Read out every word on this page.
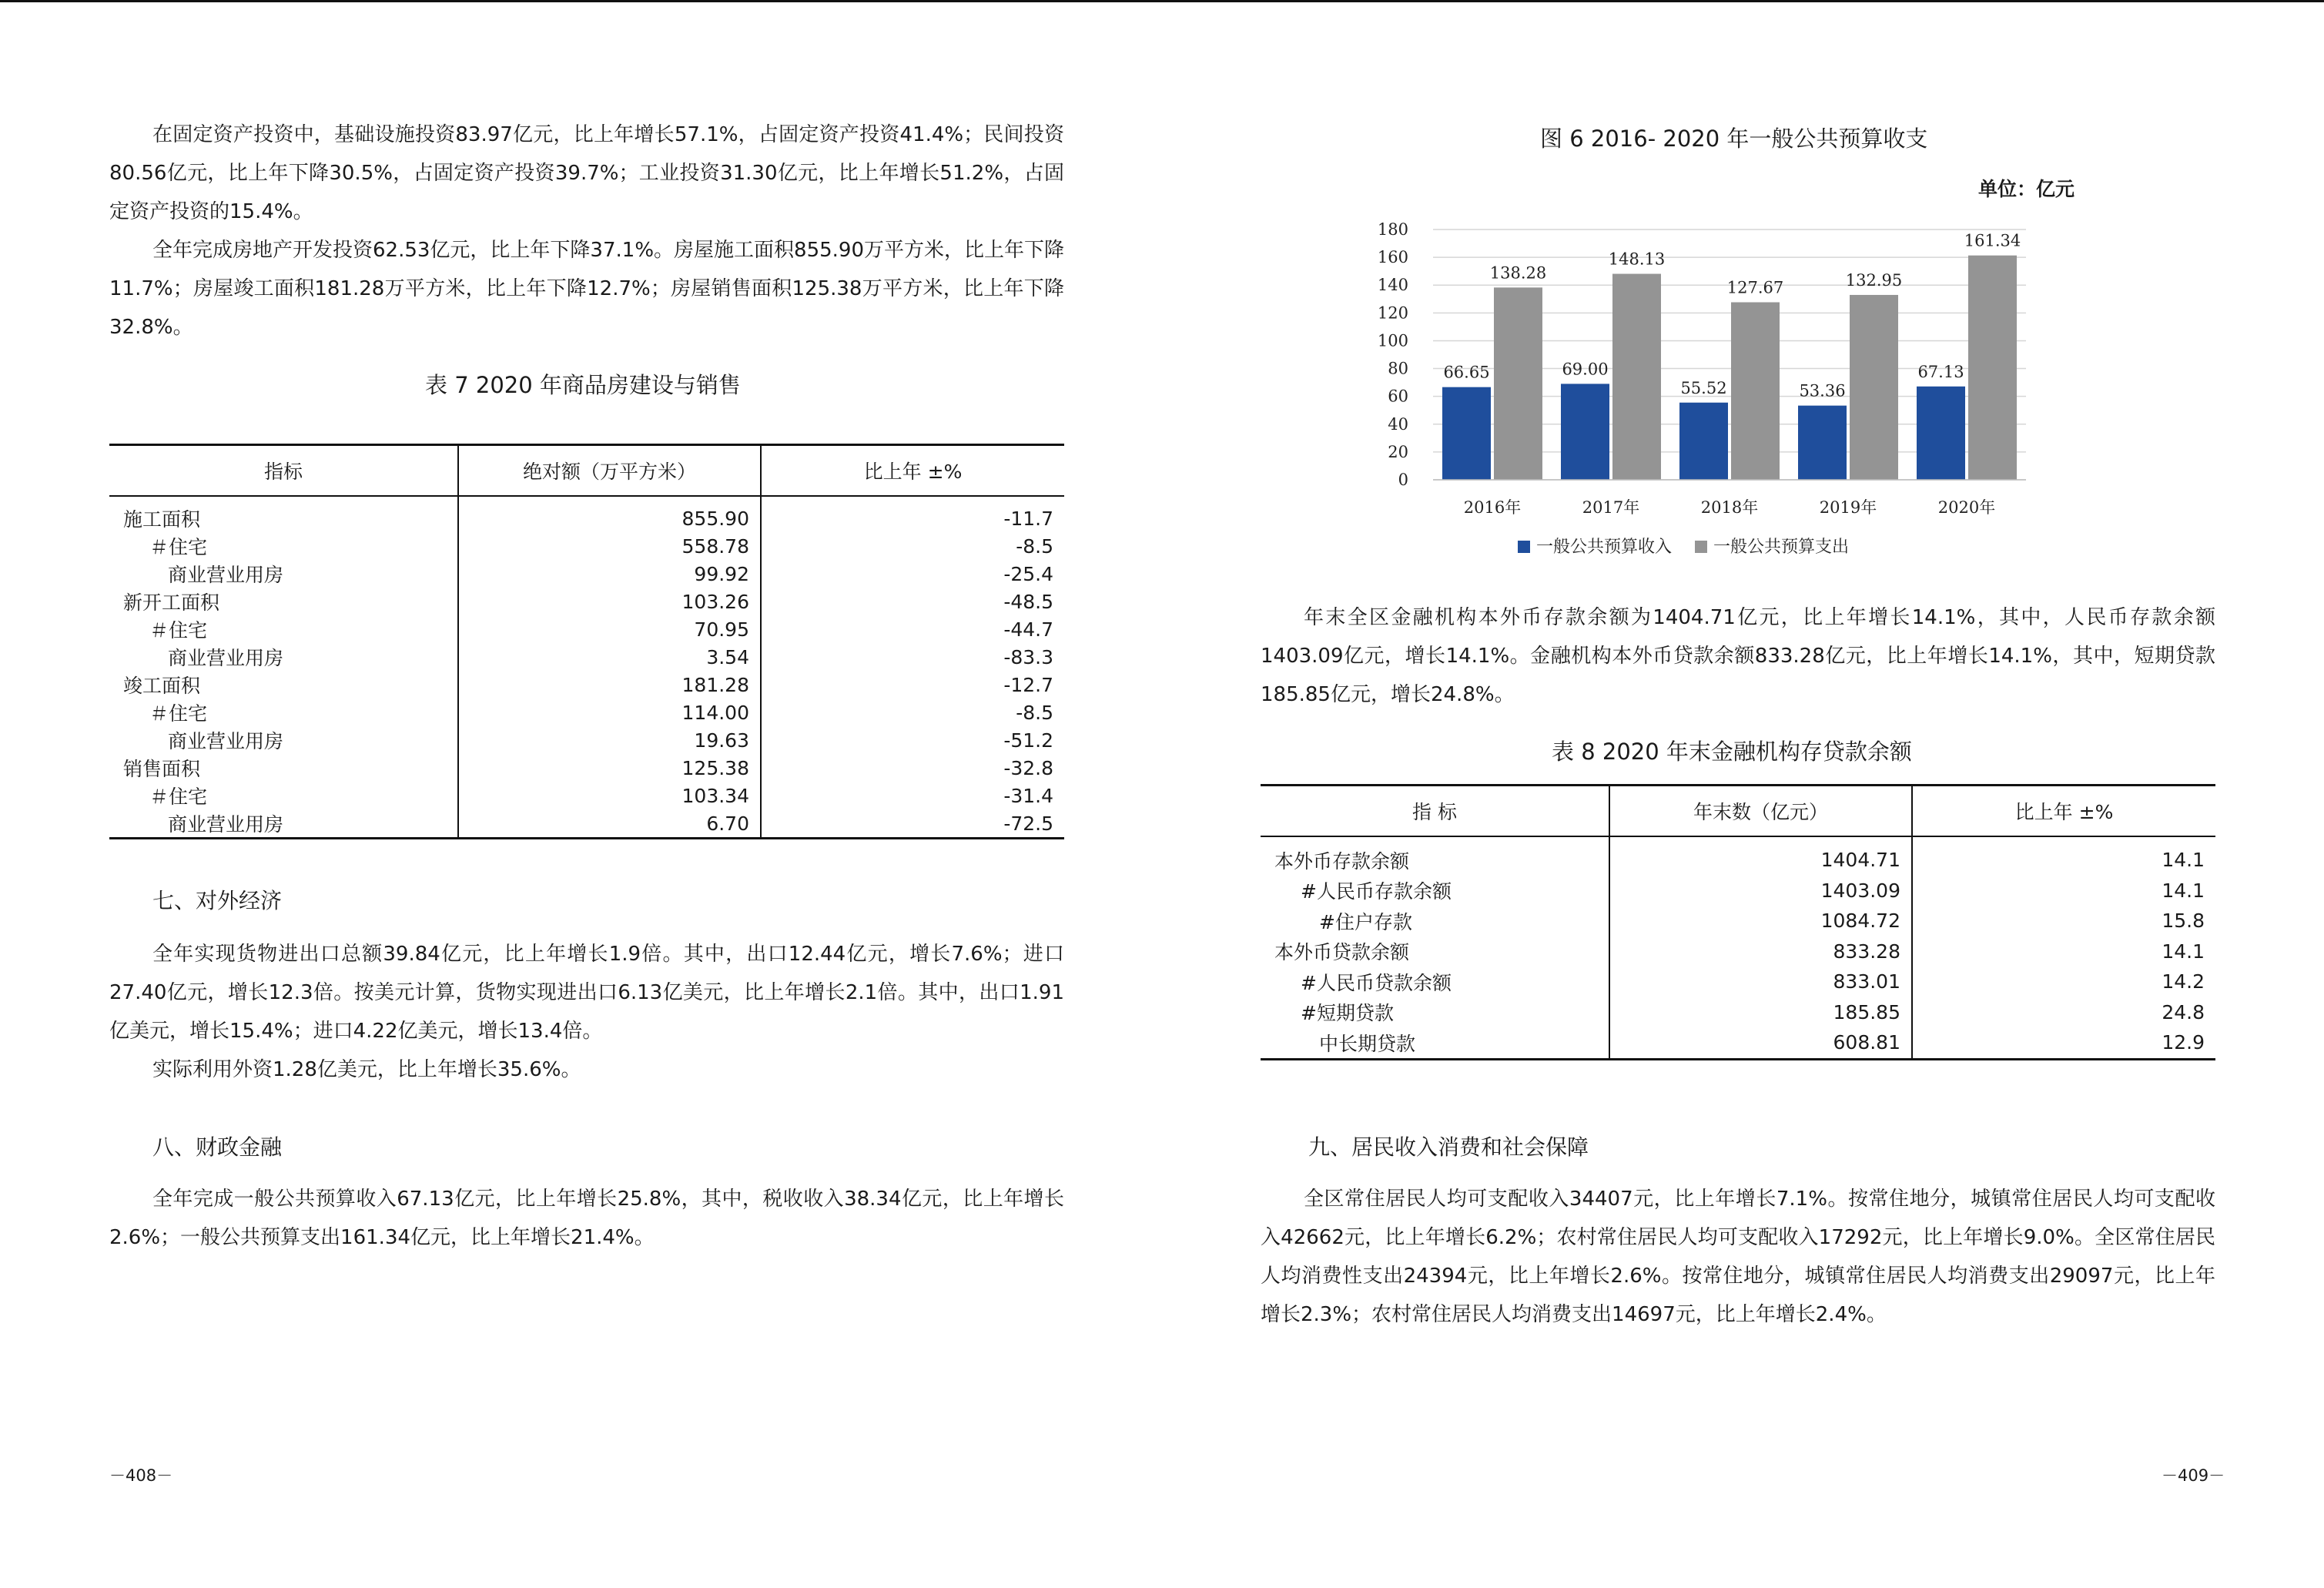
在固定资产投资中，基础设施投资83.97亿元，比上年增长57.1%，占固定资产投资41.4%；民间投资80.56亿元，比上年下降30.5%，占固定资产投资39.7%；工业投资31.30亿元，比上年增长51.2%，占固定资产投资的15.4%。

全年完成房地产开发投资62.53亿元，比上年下降37.1%。房屋施工面积855.90万平方米，比上年下降11.7%；房屋竣工面积181.28万平方米，比上年下降12.7%；房屋销售面积125.38万平方米，比上年下降32.8%。

表 7 2020 年商品房建设与销售
指标	绝对额（万平方米）	比上年 ±%
施工面积	855.90	-11.7
＃住宅	558.78	-8.5
商业营业用房	99.92	-25.4
新开工面积	103.26	-48.5
＃住宅	70.95	-44.7
商业营业用房	3.54	-83.3
竣工面积	181.28	-12.7
＃住宅	114.00	-8.5
商业营业用房	19.63	-51.2
销售面积	125.38	-32.8
＃住宅	103.34	-31.4
商业营业用房	6.70	-72.5
七、对外经济

全年实现货物进出口总额39.84亿元，比上年增长1.9倍。其中，出口12.44亿元，增长7.6%；进口27.40亿元，增长12.3倍。按美元计算，货物实现进出口6.13亿美元，比上年增长2.1倍。其中，出口1.91亿美元，增长15.4%；进口4.22亿美元，增长13.4倍。

实际利用外资1.28亿美元，比上年增长35.6%。

八、财政金融

全年完成一般公共预算收入67.13亿元，比上年增长25.8%，其中，税收收入38.34亿元，比上年增长2.6%；一般公共预算支出161.34亿元，比上年增长21.4%。

－408－
图 6 2016- 2020 年一般公共预算收支
单位：亿元
66.65
138.28
69.00
148.13
55.52
127.67
53.36
132.95
67.13
161.34
0
20
40
60
80
100
120
140
160
180
2016年	2017年	2018年	2019年	2020年
一般公共预算收入 一般公共预算支出

年末全区金融机构本外币存款余额为1404.71亿元，比上年增长14.1%，其中，人民币存款余额1403.09亿元，增长14.1%。金融机构本外币贷款余额833.28亿元，比上年增长14.1%，其中，短期贷款185.85亿元，增长24.8%。

表 8 2020 年末金融机构存贷款余额
指 标	年末数（亿元）	比上年 ±%
本外币存款余额	1404.71	14.1
#人民币存款余额	1403.09	14.1
#住户存款	1084.72	15.8
本外币贷款余额	833.28	14.1
#人民币贷款余额	833.01	14.2
#短期贷款	185.85	24.8
中长期贷款	608.81	12.9
九、居民收入消费和社会保障

全区常住居民人均可支配收入34407元，比上年增长7.1%。按常住地分，城镇常住居民人均可支配收入42662元，比上年增长6.2%；农村常住居民人均可支配收入17292元，比上年增长9.0%。全区常住居民人均消费性支出24394元，比上年增长2.6%。按常住地分，城镇常住居民人均消费支出29097元，比上年增长2.3%；农村常住居民人均消费支出14697元，比上年增长2.4%。

－409－
